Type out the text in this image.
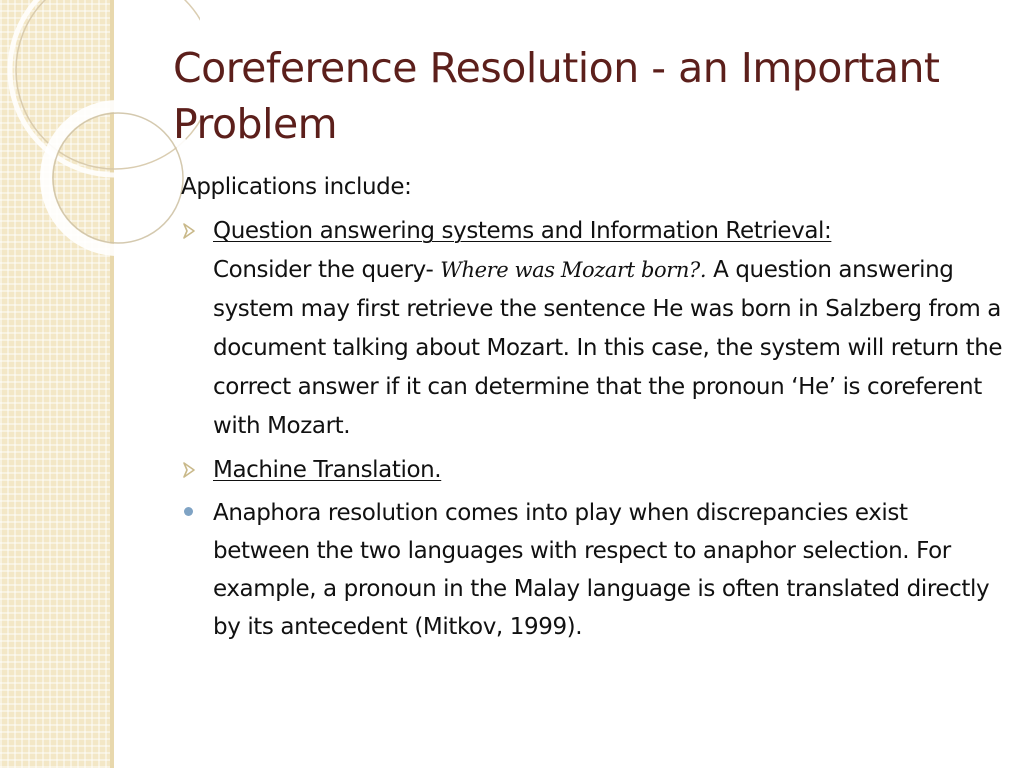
Coreference Resolution - an Important Problem

Applications include:

Question answering systems and Information Retrieval:
Consider the query- Where was Mozart born?. A question answering system may first retrieve the sentence He was born in Salzberg from a document talking about Mozart. In this case, the system will return the correct answer if it can determine that the pronoun ‘He’ is coreferent with Mozart.
Machine Translation.
Anaphora resolution comes into play when discrepancies exist between the two languages with respect to anaphor selection. For example, a pronoun in the Malay language is often translated directly by its antecedent (Mitkov, 1999).
